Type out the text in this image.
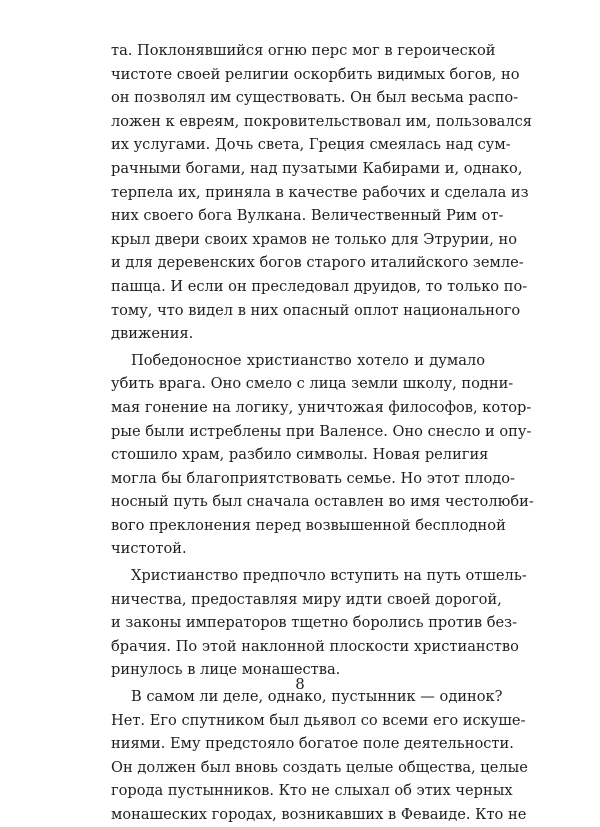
та. Поклонявшийся огню перс мог в героической
чистоте своей религии оскорбить видимых богов, но
он позволял им существовать. Он был весьма распо-
ложен к евреям, покровительствовал им, пользовался
их услугами. Дочь света, Греция смеялась над сум-
рачными богами, над пузатыми Кабирами и, однако,
терпела их, приняла в качестве рабочих и сделала из
них своего бога Вулкана. Величественный Рим от-
крыл двери своих храмов не только для Этрурии, но
и для деревенских богов старого италийского земле-
пашца. И если он преследовал друидов, то только по-
тому, что видел в них опасный оплот национального
движения.
Победоносное христианство хотело и думало
убить врага. Оно смело с лица земли школу, подни-
мая гонение на логику, уничтожая философов, котор-
рые были истреблены при Валенсе. Оно снесло и опу-
стошило храм, разбило символы. Новая религия
могла бы благоприятствовать семье. Но этот плодо-
носный путь был сначала оставлен во имя честолюби-
вого преклонения перед возвышенной бесплодной
чистотой.
Христианство предпочло вступить на путь отшель-
ничества, предоставляя миру идти своей дорогой,
и законы императоров тщетно боролись против без-
брачия. По этой наклонной плоскости христианство
ринулось в лице монашества.
В самом ли деле, однако, пустынник — одинок?
Нет. Его спутником был дьявол со всеми его искуше-
ниями. Ему предстояло богатое поле деятельности.
Он должен был вновь создать целые общества, целые
города пустынников. Кто не слыхал об этих черных
монашеских городах, возникавших в Феваиде. Кто не
8
